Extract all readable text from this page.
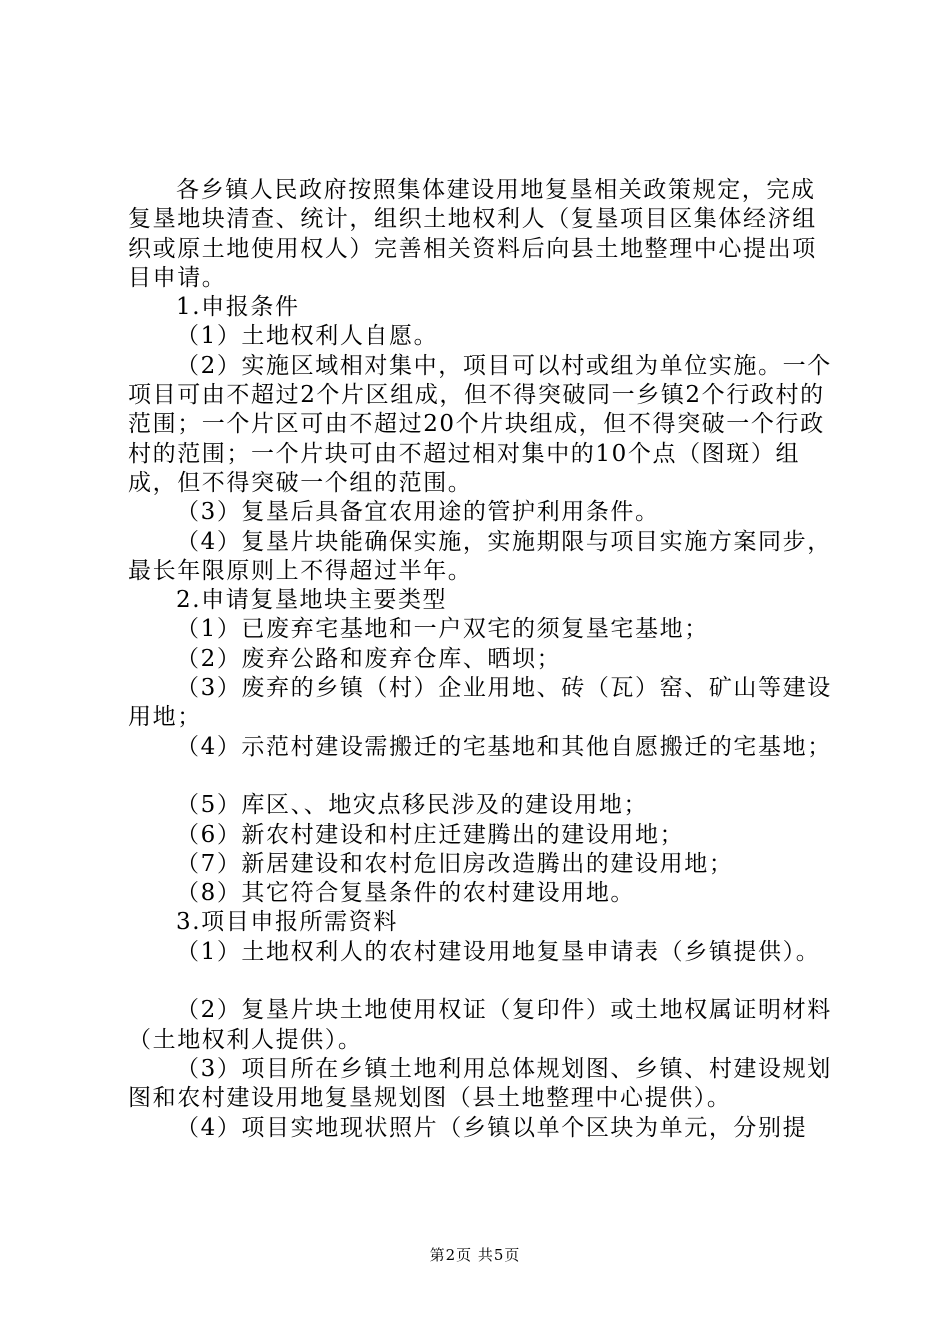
各乡镇人民政府按照集体建设用地复垦相关政策规定，完成复垦地块清查、统计，组织土地权利人（复垦项目区集体经济组织或原土地使用权人）完善相关资料后向县土地整理中心提出项目申请。

1.申报条件

（1）土地权利人自愿。

（2）实施区域相对集中，项目可以村或组为单位实施。一个项目可由不超过2个片区组成，但不得突破同一乡镇2个行政村的范围；一个片区可由不超过20个片块组成，但不得突破一个行政村的范围；一个片块可由不超过相对集中的10个点（图斑）组成，但不得突破一个组的范围。

（3）复垦后具备宜农用途的管护利用条件。

（4）复垦片块能确保实施，实施期限与项目实施方案同步，最长年限原则上不得超过半年。

2.申请复垦地块主要类型

（1）已废弃宅基地和一户双宅的须复垦宅基地；

（2）废弃公路和废弃仓库、晒坝；

（3）废弃的乡镇（村）企业用地、砖（瓦）窑、矿山等建设用地；

（4）示范村建设需搬迁的宅基地和其他自愿搬迁的宅基地；

（5）库区、、地灾点移民涉及的建设用地；

（6）新农村建设和村庄迁建腾出的建设用地；

（7）新居建设和农村危旧房改造腾出的建设用地；

（8）其它符合复垦条件的农村建设用地。

3.项目申报所需资料

（1）土地权利人的农村建设用地复垦申请表（乡镇提供）。

（2）复垦片块土地使用权证（复印件）或土地权属证明材料（土地权利人提供）。

（3）项目所在乡镇土地利用总体规划图、乡镇、村建设规划图和农村建设用地复垦规划图（县土地整理中心提供）。

（4）项目实地现状照片（乡镇以单个区块为单元，分别提

第2页 共5页
